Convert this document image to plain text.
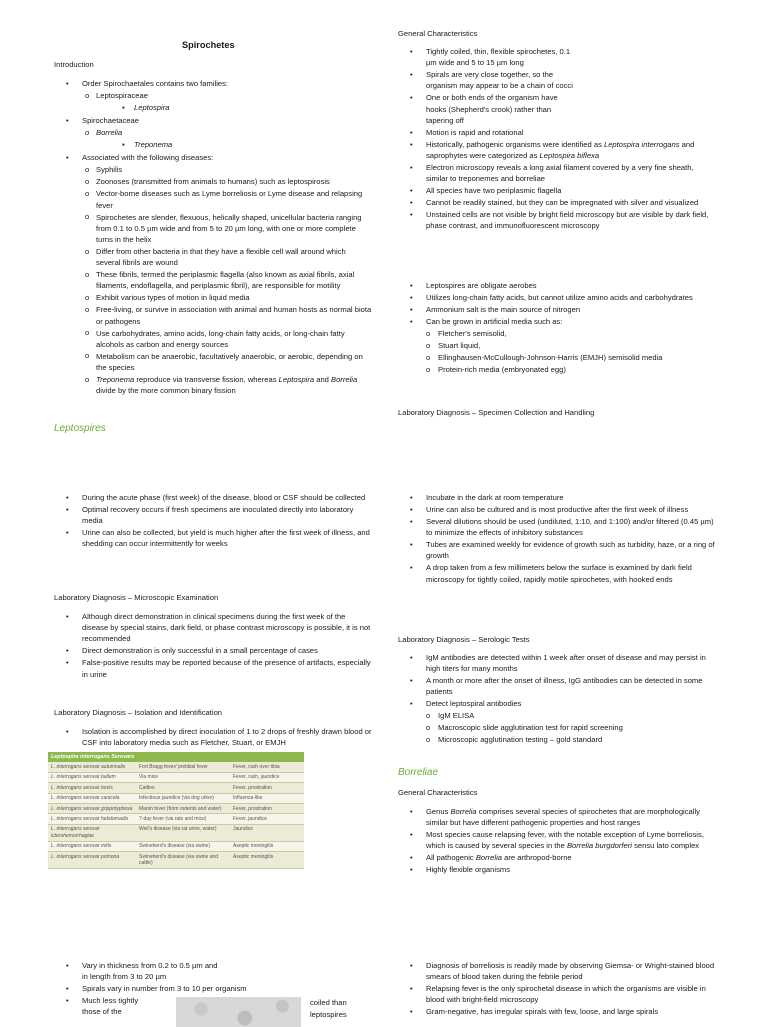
Spirochetes
Introduction
• Order Spirochaetales contains two families:
o Leptospiraceae
▪ Leptospira
• Spirochaetaceae
o Borrelia
▪ Treponema
• Associated with the following diseases:
o Syphilis
o Zoonoses (transmitted from animals to humans) such as leptospirosis
o Vector-borne diseases such as Lyme borreliosis or Lyme disease and relapsing fever
o Spirochetes are slender, flexuous, helically shaped, unicellular bacteria ranging from 0.1 to 0.5 µm wide and from 5 to 20 µm long, with one or more complete turns in the helix
o Differ from other bacteria in that they have a flexible cell wall around which several fibrils are wound
o These fibrils, termed the periplasmic flagella (also known as axial fibrils, axial filaments, endoflagella, and periplasmic fibril), are responsible for motility
o Exhibit various types of motion in liquid media
o Free-living, or survive in association with animal and human hosts as normal biota or pathogens
o Use carbohydrates, amino acids, long-chain fatty acids, or long-chain fatty alcohols as carbon and energy sources
o Metabolism can be anaerobic, facultatively anaerobic, or aerobic, depending on the species
o Treponema reproduce via transverse fission, whereas Leptospira and Borrelia divide by the more common binary fission
Leptospires
• During the acute phase (first week) of the disease, blood or CSF should be collected
• Optimal recovery occurs if fresh specimens are inoculated directly into laboratory media
• Urine can also be collected, but yield is much higher after the first week of illness, and shedding can occur intermittently for weeks
Laboratory Diagnosis – Microscopic Examination
• Although direct demonstration in clinical specimens during the first week of the disease by special stains, dark field, or phase contrast microscopy is possible, it is not recommended
• Direct demonstration is only successful in a small percentage of cases
• False-positive results may be reported because of the presence of artifacts, especially in urine
Laboratory Diagnosis – Isolation and Identification
• Isolation is accomplished by direct inoculation of 1 to 2 drops of freshly drawn blood or CSF into laboratory media such as Fletcher, Stuart, or EMJH
• Vary in thickness from 0.2 to 0.5 µm and
in length from 3 to 20 µm
• Spirals vary in number from 3 to 10 per organism
• Much less tightly
those of the
coiled than
leptospires
Leptospira interrogans Serovars		
L. interrogans serovar autumnalis	Fort Bragg fever/ pretibial fever	Fever, rash over tibia
L. interrogans serovar ballum	Via mice	Fever, rash, jaundice
L. interrogans serovar bovis	Cattles	Fever, prostration
L. interrogans serovar canicola	Infectious jaundice (via dog urine)	Influenza-like
L. interrogans serovar grippotyphosa	Marsh fever (from rodents and water)	Fever, prostration
L. interrogans serovar hebdomadis	7-day fever (via rats and mice)	Fever, jaundice
L. interrogans serovar icterohemorrhagiae	Weil's disease (via rat urine, water)	Jaundice
L. interrogans serovar mitis	Swineherd's disease (via swine)	Aseptic meningitis
L. interrogans serovar pomona	Swineherd's disease (via swine and cattle)	Aseptic meningitis
General Characteristics
• Tightly coiled, thin, flexible spirochetes, 0.1 µm wide and 5 to 15 µm long
• Spirals are very close together, so the organism may appear to be a chain of cocci
• One or both ends of the organism have hooks (Shepherd's crook) rather than tapering off
• Motion is rapid and rotational
• Historically, pathogenic organisms were identified as Leptospira interrogans and saprophytes were categorized as Leptospira biflexa
• Electron microscopy reveals a long axial filament covered by a very fine sheath, similar to treponemes and borreliae
• All species have two periplasmic flagella
• Cannot be readily stained, but they can be impregnated with silver and visualized
• Unstained cells are not visible by bright field microscopy but are visible by dark field, phase contrast, and immunofluorescent microscopy
• Leptospires are obligate aerobes
• Utilizes long-chain fatty acids, but cannot utilize amino acids and carbohydrates
• Ammonium salt is the main source of nitrogen
• Can be grown in artificial media such as:
o Fletcher's semisolid,
o Stuart liquid,
o Ellinghausen-McCullough-Johnson-Harris (EMJH) semisolid media
o Protein-rich media (embryonated egg)
Laboratory Diagnosis – Specimen Collection and Handling
• Incubate in the dark at room temperature
• Urine can also be cultured and is most productive after the first week of illness
• Several dilutions should be used (undiluted, 1:10, and 1:100) and/or filtered (0.45 µm) to minimize the effects of inhibitory substances
• Tubes are examined weekly for evidence of growth such as turbidity, haze, or a ring of growth
• A drop taken from a few millimeters below the surface is examined by dark field microscopy for tightly coiled, rapidly motile spirochetes, with hooked ends
Laboratory Diagnosis – Serologic Tests
• IgM antibodies are detected within 1 week after onset of disease and may persist in high titers for many months
• A month or more after the onset of illness, IgG antibodies can be detected in some patients
• Detect leptospiral antibodies
o IgM ELISA
o Macroscopic slide agglutination test for rapid screening
o Microscopic agglutination testing – gold standard
Borreliae
General Characteristics
• Genus Borrelia comprises several species of spirochetes that are morphologically similar but have different pathogenic properties and host ranges
• Most species cause relapsing fever, with the notable exception of Lyme borreliosis, which is caused by several species in the Borrelia burgdorferi sensu lato complex
• All pathogenic Borrelia are arthropod-borne
• Highly flexible organisms
• Diagnosis of borreliosis is readily made by observing Giemsa- or Wright-stained blood smears of blood taken during the febrile period
• Relapsing fever is the only spirochetal disease in which the organisms are visible in blood with bright-field microscopy
• Gram-negative, has irregular spirals with few, loose, and large spirals
